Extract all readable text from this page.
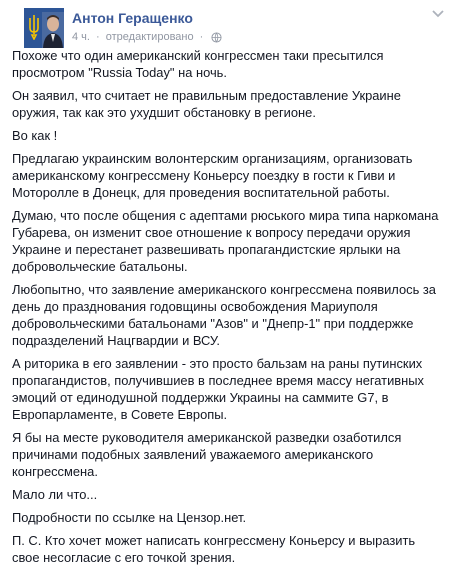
Антон Геращенко
4 ч. · отредактировано ·

Похоже что один американский конгрессмен таки пресытился
просмотром "Russia Today" на ночь.

Он заявил, что считает не правильным предоставление Украине
оружия, так как это ухудшит обстановку в регионе.

Во как !

Предлагаю украинским волонтерским организациям, организовать
американскому конгрессмену Коньерсу поездку в гости к Гиви и
Моторолле в Донецк, для проведения воспитательной работы.

Думаю, что после общения с адептами рюського мира типа наркомана
Губарева, он изменит свое отношение к вопросу передачи оружия
Украине и перестанет развешивать пропагандистские ярлыки на
добровольческие батальоны.

Любопытно, что заявление американского конгрессмена появилось за
день до празднования годовщины освобождения Мариуполя
добровольческими батальонами "Азов" и "Днепр-1" при поддержке
подразделений Нацгвардии и ВСУ.

А риторика в его заявлении - это просто бальзам на раны путинских
пропагандистов, получившиев в последнее время массу негативных
эмоций от единодушной поддержки Украины на саммите G7, в
Европарламенте, в Совете Европы.

Я бы на месте руководителя американской разведки озаботился
причинами подобных заявлений уважаемого американского
конгрессмена.

Мало ли что...

Подробности по ссылке на Цензор.нет.

П. С. Кто хочет может написать конгрессмену Коньерсу и выразить
свое несогласие с его точкой зрения.
